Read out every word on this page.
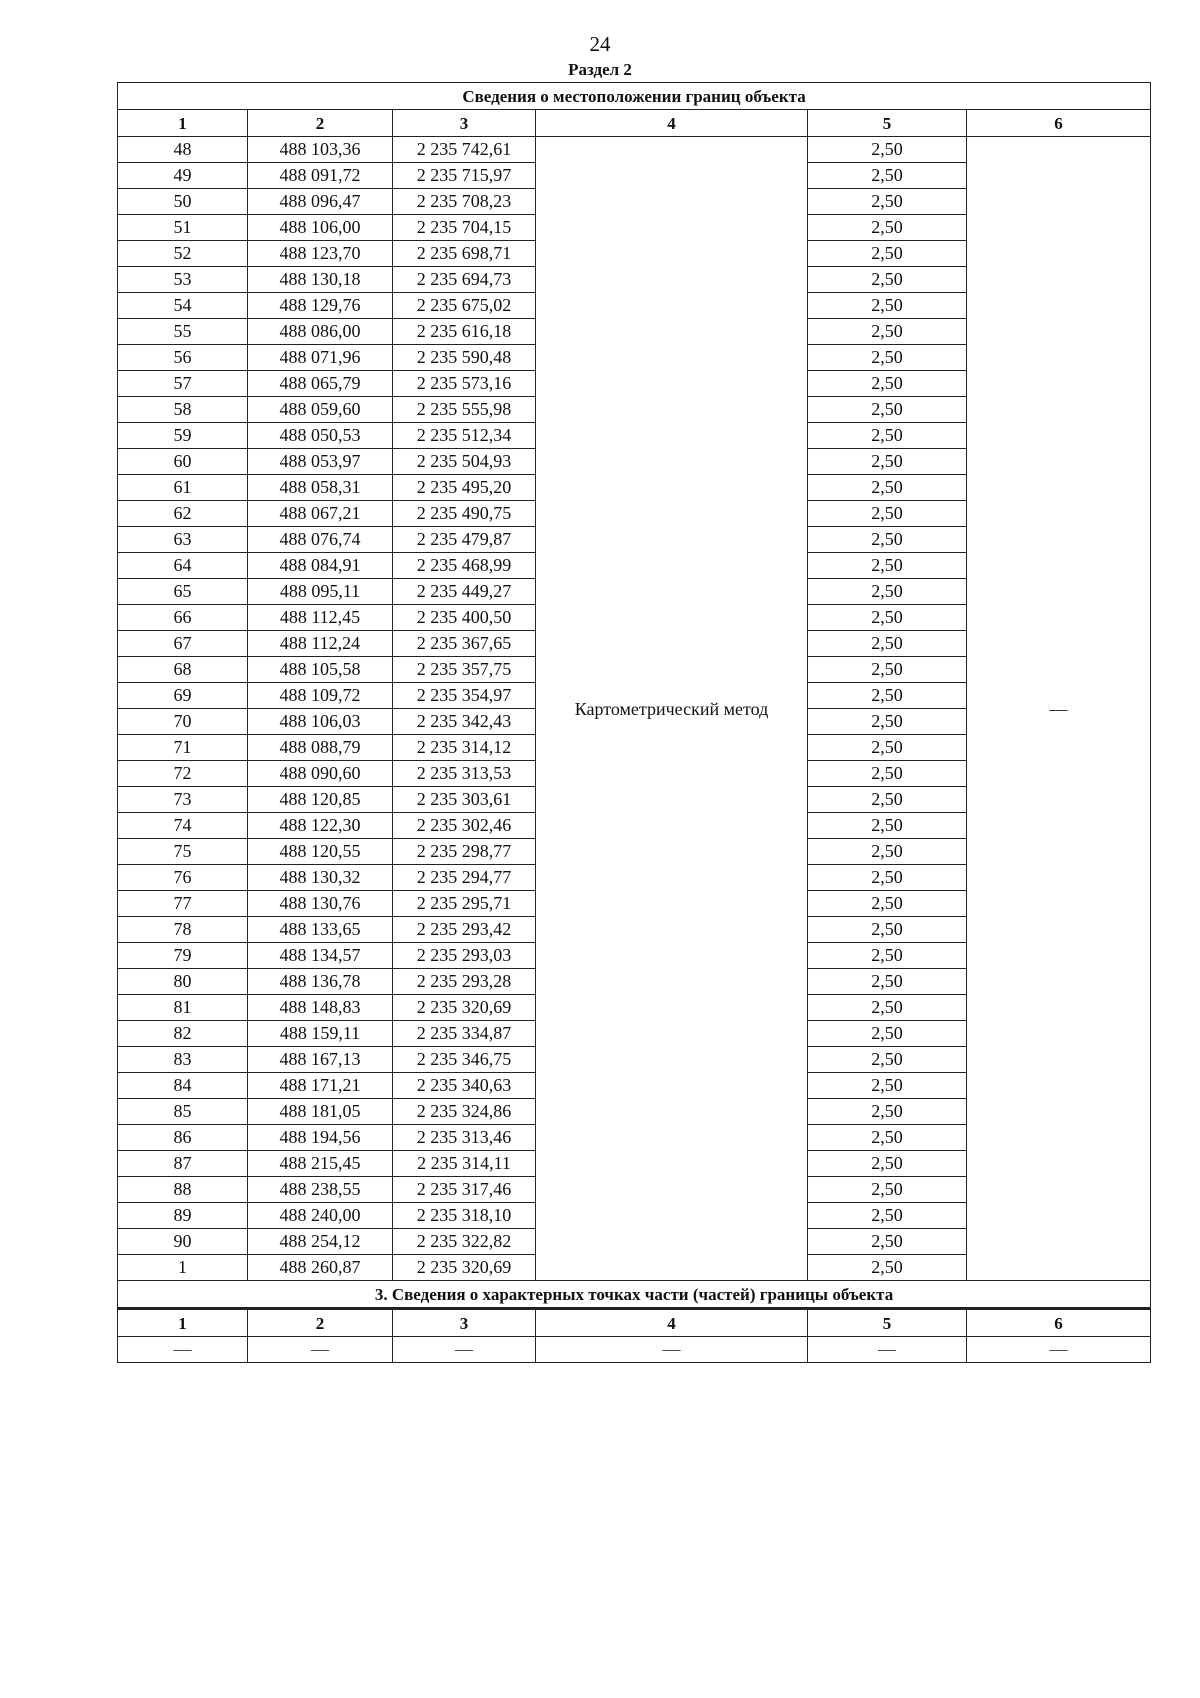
24
Раздел 2
Сведения о местоположении границ объекта					
1	2	3	4	5	6
48	488 103,36	2 235 742,61	Картометрический метод	2,50	—
49	488 091,72	2 235 715,97		2,50	
50	488 096,47	2 235 708,23		2,50	
51	488 106,00	2 235 704,15		2,50	
52	488 123,70	2 235 698,71		2,50	
53	488 130,18	2 235 694,73		2,50	
54	488 129,76	2 235 675,02		2,50	
55	488 086,00	2 235 616,18		2,50	
56	488 071,96	2 235 590,48		2,50	
57	488 065,79	2 235 573,16		2,50	
58	488 059,60	2 235 555,98		2,50	
59	488 050,53	2 235 512,34		2,50	
60	488 053,97	2 235 504,93		2,50	
61	488 058,31	2 235 495,20		2,50	
62	488 067,21	2 235 490,75		2,50	
63	488 076,74	2 235 479,87		2,50	
64	488 084,91	2 235 468,99		2,50	
65	488 095,11	2 235 449,27		2,50	
66	488 112,45	2 235 400,50		2,50	
67	488 112,24	2 235 367,65		2,50	
68	488 105,58	2 235 357,75		2,50	
69	488 109,72	2 235 354,97		2,50	
70	488 106,03	2 235 342,43		2,50	
71	488 088,79	2 235 314,12		2,50	
72	488 090,60	2 235 313,53		2,50	
73	488 120,85	2 235 303,61		2,50	
74	488 122,30	2 235 302,46		2,50	
75	488 120,55	2 235 298,77		2,50	
76	488 130,32	2 235 294,77		2,50	
77	488 130,76	2 235 295,71		2,50	
78	488 133,65	2 235 293,42		2,50	
79	488 134,57	2 235 293,03		2,50	
80	488 136,78	2 235 293,28		2,50	
81	488 148,83	2 235 320,69		2,50	
82	488 159,11	2 235 334,87		2,50	
83	488 167,13	2 235 346,75		2,50	
84	488 171,21	2 235 340,63		2,50	
85	488 181,05	2 235 324,86		2,50	
86	488 194,56	2 235 313,46		2,50	
87	488 215,45	2 235 314,11		2,50	
88	488 238,55	2 235 317,46		2,50	
89	488 240,00	2 235 318,10		2,50	
90	488 254,12	2 235 322,82		2,50	
1	488 260,87	2 235 320,69		2,50	
3. Сведения о характерных точках части (частей) границы объекта					
1	2	3	4	5	6
—	—	—	—	—	—
